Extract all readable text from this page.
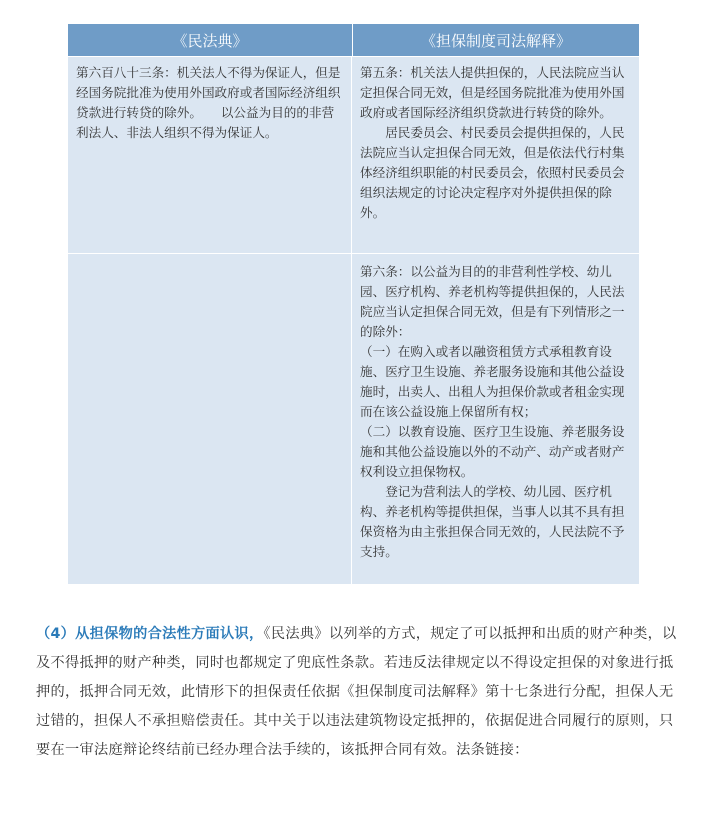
《民法典》	《担保制度司法解释》

第六百八十三条：机关法人不得为保证人，但是经国务院批准为使用外国政府或者国际经济组织贷款进行转贷的除外。　　以公益为目的的非营利法人、非法人组织不得为保证人。

第五条：机关法人提供担保的，人民法院应当认定担保合同无效，但是经国务院批准为使用外国政府或者国际经济组织贷款进行转贷的除外。

　　居民委员会、村民委员会提供担保的，人民法院应当认定担保合同无效，但是依法代行村集体经济组织职能的村民委员会，依照村民委员会组织法规定的讨论决定程序对外提供担保的除外。

第六条：以公益为目的的非营利性学校、幼儿园、医疗机构、养老机构等提供担保的，人民法院应当认定担保合同无效，但是有下列情形之一的除外：

（一）在购入或者以融资租赁方式承租教育设施、医疗卫生设施、养老服务设施和其他公益设施时，出卖人、出租人为担保价款或者租金实现而在该公益设施上保留所有权；

（二）以教育设施、医疗卫生设施、养老服务设施和其他公益设施以外的不动产、动产或者财产权利设立担保物权。

　　登记为营利法人的学校、幼儿园、医疗机构、养老机构等提供担保，当事人以其不具有担保资格为由主张担保合同无效的，人民法院不予支持。

（4）从担保物的合法性方面认识，《民法典》以列举的方式，规定了可以抵押和出质的财产种类，以及不得抵押的财产种类，同时也都规定了兜底性条款。若违反法律规定以不得设定担保的对象进行抵押的，抵押合同无效，此情形下的担保责任依据《担保制度司法解释》第十七条进行分配，担保人无过错的，担保人不承担赔偿责任。其中关于以违法建筑物设定抵押的，依据促进合同履行的原则，只要在一审法庭辩论终结前已经办理合法手续的，该抵押合同有效。法条链接：
